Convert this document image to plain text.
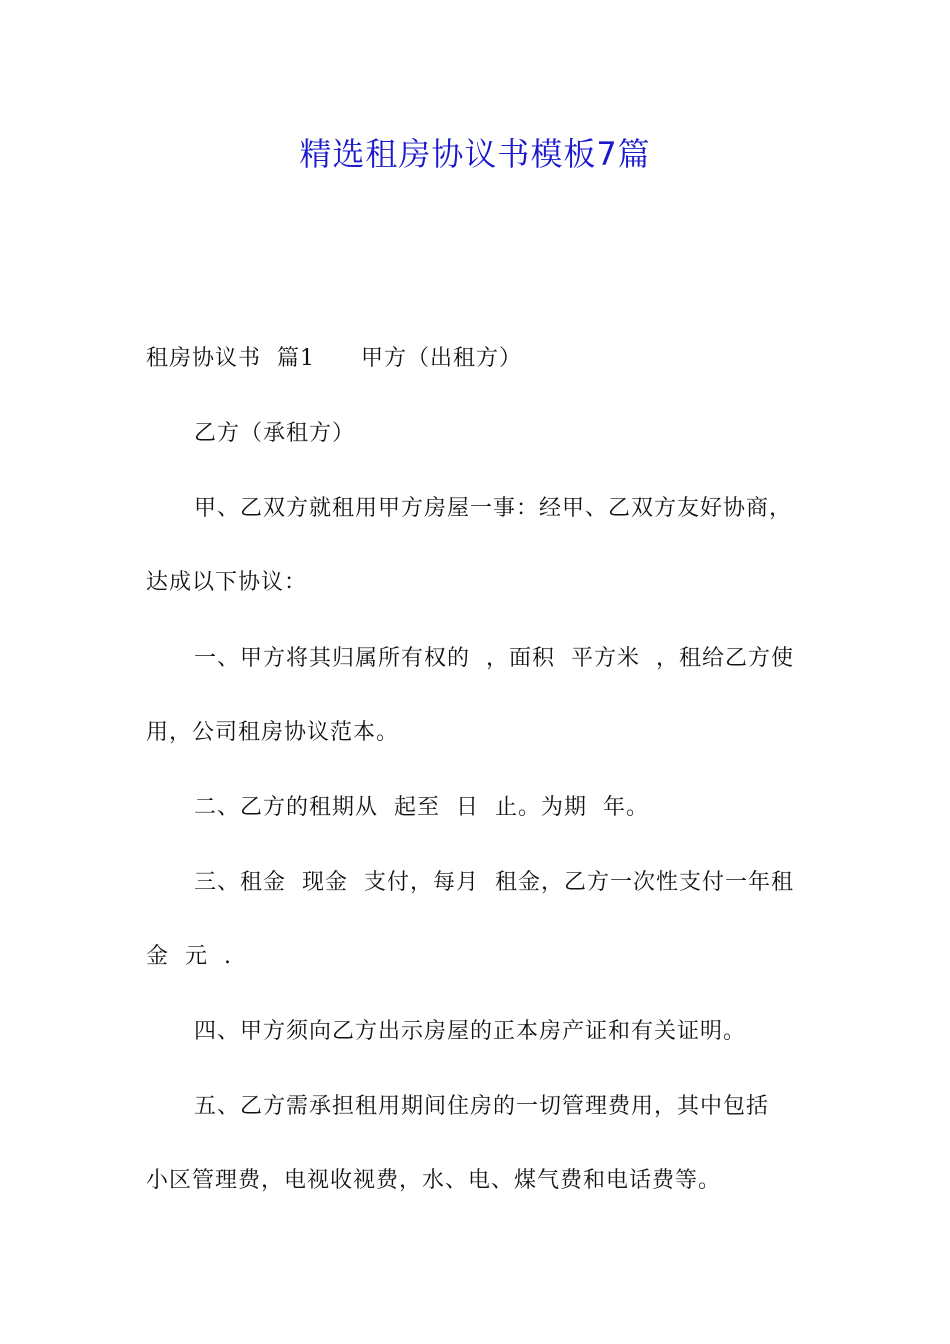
精选租房协议书模板7篇
租房协议书  篇1 甲方（出租方）
乙方（承租方）
甲、乙双方就租用甲方房屋一事：经甲、乙双方友好协商，
达成以下协议：
一、甲方将其归属所有权的  ，面积  平方米  ，租给乙方使
用，公司租房协议范本。
二、乙方的租期从  起至  日  止。为期  年。
三、租金  现金  支付，每月  租金，乙方一次性支付一年租
金  元  .
四、甲方须向乙方出示房屋的正本房产证和有关证明。
五、乙方需承担租用期间住房的一切管理费用，其中包括
小区管理费，电视收视费，水、电、煤气费和电话费等。
